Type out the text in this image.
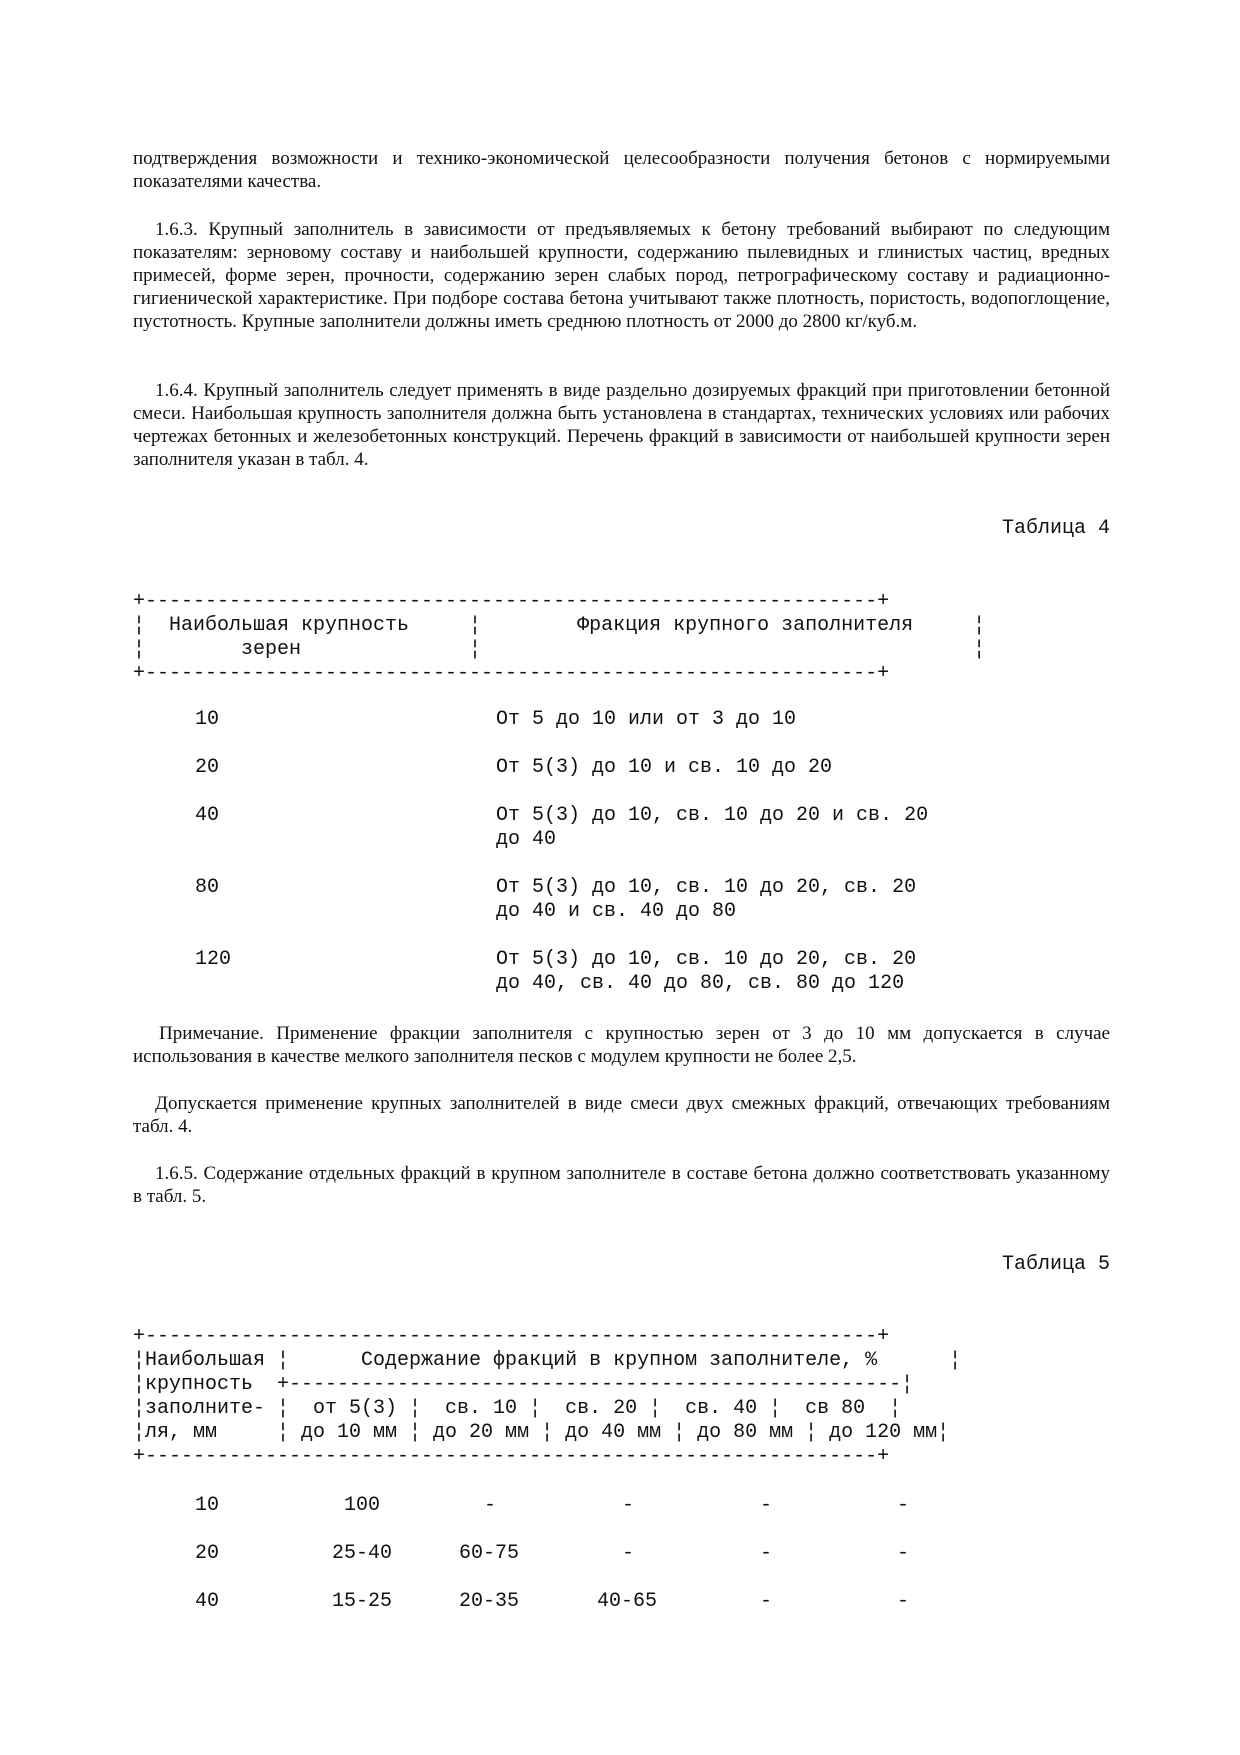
подтверждения возможности и технико-экономической целесообразности получения бетонов с нормируемыми показателями качества.

1.6.3. Крупный заполнитель в зависимости от предъявляемых к бетону требований выбирают по следующим показателям: зерновому составу и наибольшей крупности, содержанию пылевидных и глинистых частиц, вредных примесей, форме зерен, прочности, содержанию зерен слабых пород, петрографическому составу и радиационно-гигиенической характеристике. При подборе состава бетона учитывают также плотность, пористость, водопоглощение, пустотность. Крупные заполнители должны иметь среднюю плотность от 2000 до 2800 кг/куб.м.

1.6.4. Крупный заполнитель следует применять в виде раздельно дозируемых фракций при приготовлении бетонной смеси. Наибольшая крупность заполнителя должна быть установлена в стандартах, технических условиях или рабочих чертежах бетонных и железобетонных конструкций. Перечень фракций в зависимости от наибольшей крупности зерен заполнителя указан в табл. 4.

Таблица 4

+-------------------------------------------------------------+
¦  Наибольшая крупность     ¦        Фракция крупного заполнителя     ¦
¦        зерен              ¦                                         ¦
+-------------------------------------------------------------+

10	От 5 до 10 или от 3 до 10

20	От 5(3) до 10 и св. 10 до 20

40	От 5(3) до 10, св. 10 до 20 и св. 20
до 40

80	От 5(3) до 10, св. 10 до 20, св. 20
до 40 и св. 40 до 80

120	От 5(3) до 10, св. 10 до 20, св. 20
до 40, св. 40 до 80, св. 80 до 120

Примечание. Применение фракции заполнителя с крупностью зерен от 3 до 10 мм допускается в случае использования в качестве мелкого заполнителя песков с модулем крупности не более 2,5.

Допускается применение крупных заполнителей в виде смеси двух смежных фракций, отвечающих требованиям табл. 4.

1.6.5. Содержание отдельных фракций в крупном заполнителе в составе бетона должно соответствовать указанному в табл. 5.

Таблица 5

+-------------------------------------------------------------+
¦Наибольшая ¦      Содержание фракций в крупном заполнителе, %      ¦
¦крупность  +---------------------------------------------------¦
¦заполните- ¦  от 5(3) ¦  св. 10 ¦  св. 20 ¦  св. 40 ¦  св 80  ¦
¦ля, мм     ¦ до 10 мм ¦ до 20 мм ¦ до 40 мм ¦ до 80 мм ¦ до 120 мм¦
+-------------------------------------------------------------+

10	100	-	-	-	-

20	25-40	60-75	-	-	-

40	15-25	20-35	40-65	-	-
